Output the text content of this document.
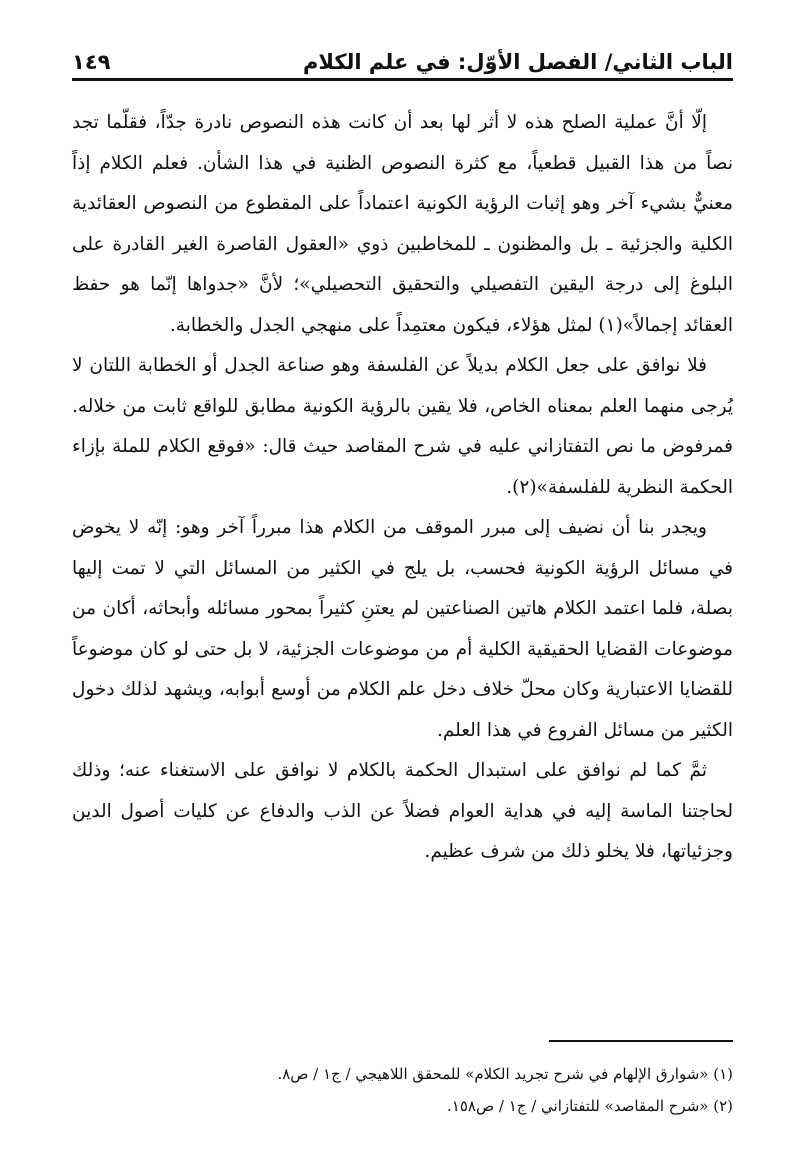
الباب الثاني/ الفصل الأوّل: في علم الكلام
١٤٩

إلّا أنَّ عملية الصلح هذه لا أثر لها بعد أن كانت هذه النصوص نادرة جدّاً، فقلّما تجد نصاً من هذا القبيل قطعياً، مع كثرة النصوص الظنية في هذا الشأن. فعلم الكلام إذاً معنيٌّ بشيء آخر وهو إثبات الرؤية الكونية اعتماداً على المقطوع من النصوص العقائدية الكلية والجزئية ـ بل والمظنون ـ للمخاطبين ذوي «العقول القاصرة الغير القادرة على البلوغ إلى درجة اليقين التفصيلي والتحقيق التحصيلي»؛ لأنَّ «جدواها إنّما هو حفظ العقائد إجمالاً»(١) لمثل هؤلاء، فيكون معتمِداً على منهجي الجدل والخطابة.

فلا نوافق على جعل الكلام بديلاً عن الفلسفة وهو صناعة الجدل أو الخطابة اللتان لا يُرجى منهما العلم بمعناه الخاص، فلا يقين بالرؤية الكونية مطابق للواقع ثابت من خلاله. فمرفوض ما نص التفتازاني عليه في شرح المقاصد حيث قال: «فوقع الكلام للملة بإزاء الحكمة النظرية للفلسفة»(٢).

ويجدر بنا أن نضيف إلى مبرر الموقف من الكلام هذا مبرراً آخر وهو: إنّه لا يخوض في مسائل الرؤية الكونية فحسب، بل يلج في الكثير من المسائل التي لا تمت إليها بصلة، فلما اعتمد الكلام هاتين الصناعتين لم يعتنِ كثيراً بمحور مسائله وأبحاثه، أكان من موضوعات القضايا الحقيقية الكلية أم من موضوعات الجزئية، لا بل حتى لو كان موضوعاً للقضايا الاعتبارية وكان محلّ خلاف دخل علم الكلام من أوسع أبوابه، ويشهد لذلك دخول الكثير من مسائل الفروع في هذا العلم.

ثمَّ كما لم نوافق على استبدال الحكمة بالكلام لا نوافق على الاستغناء عنه؛ وذلك لحاجتنا الماسة إليه في هداية العوام فضلاً عن الذب والدفاع عن كليات أصول الدين وجزئياتها، فلا يخلو ذلك من شرف عظيم.

(١) «شوارق الإلهام في شرح تجريد الكلام» للمحقق اللاهيجي / ج١ / ص٨.
(٢) «شرح المقاصد» للتفتازاني / ج١ / ص١٥٨.
